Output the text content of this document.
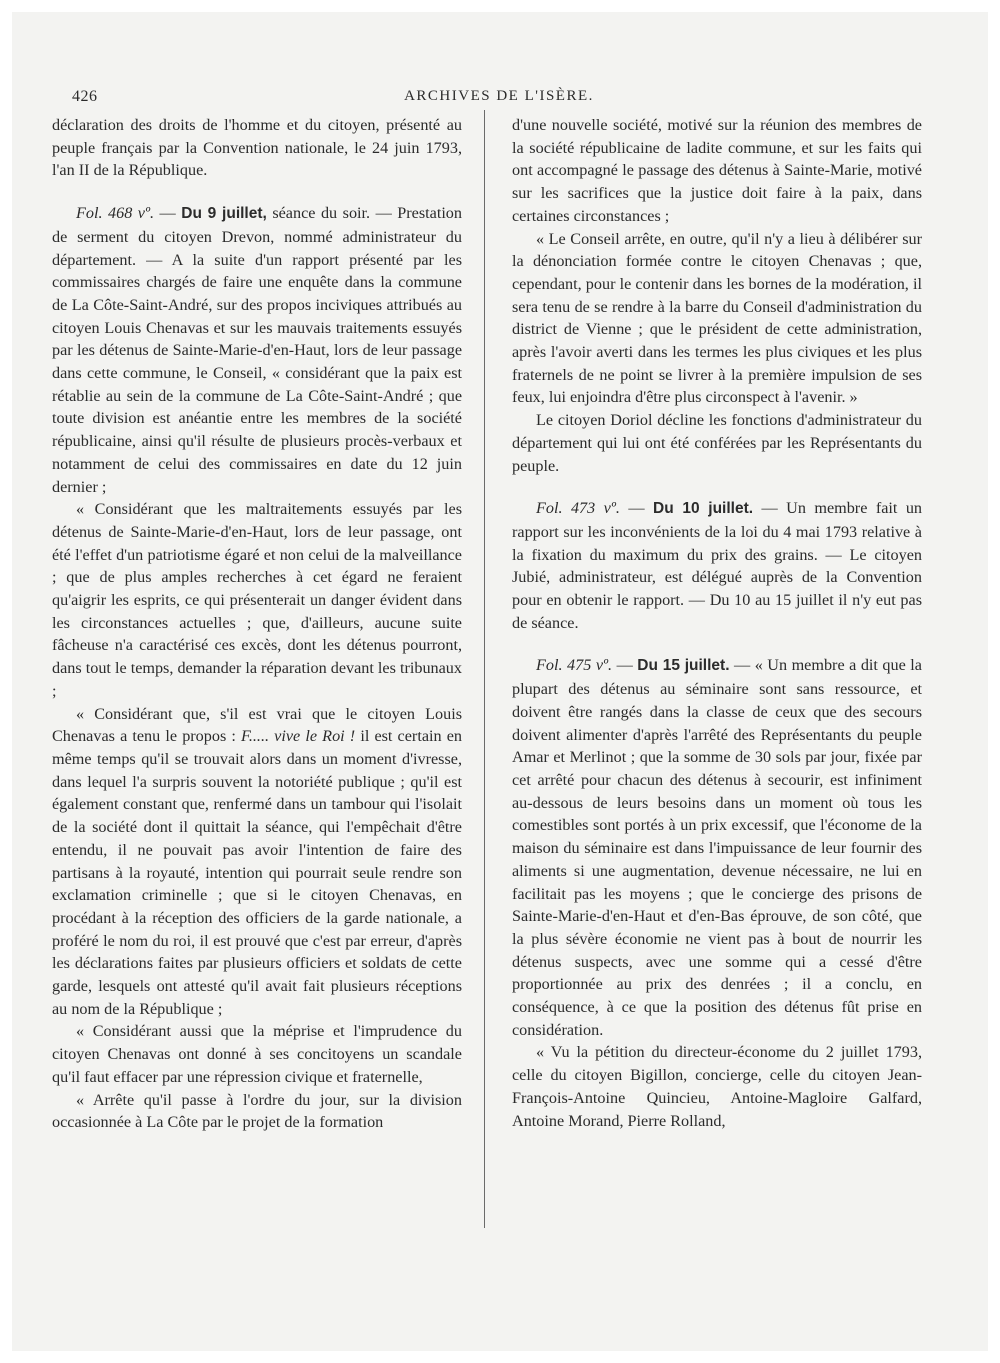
426	ARCHIVES DE L'ISÈRE.

déclaration des droits de l'homme et du citoyen, présenté au peuple français par la Convention nationale, le 24 juin 1793, l'an II de la République.

Fol. 468 vº. — Du 9 juillet, séance du soir. — Prestation de serment du citoyen Drevon, nommé administrateur du département. — A la suite d'un rapport présenté par les commissaires chargés de faire une enquête dans la commune de La Côte-Saint-André, sur des propos inciviques attribués au citoyen Louis Chenavas et sur les mauvais traitements essuyés par les détenus de Sainte-Marie-d'en-Haut, lors de leur passage dans cette commune, le Conseil, « considérant que la paix est rétablie au sein de la commune de La Côte-Saint-André ; que toute division est anéantie entre les membres de la société républicaine, ainsi qu'il résulte de plusieurs procès-verbaux et notamment de celui des commissaires en date du 12 juin dernier ;

« Considérant que les maltraitements essuyés par les détenus de Sainte-Marie-d'en-Haut, lors de leur passage, ont été l'effet d'un patriotisme égaré et non celui de la malveillance ; que de plus amples recherches à cet égard ne feraient qu'aigrir les esprits, ce qui présenterait un danger évident dans les circonstances actuelles ; que, d'ailleurs, aucune suite fâcheuse n'a caractérisé ces excès, dont les détenus pourront, dans tout le temps, demander la réparation devant les tribunaux ;

« Considérant que, s'il est vrai que le citoyen Louis Chenavas a tenu le propos : F..... vive le Roi ! il est certain en même temps qu'il se trouvait alors dans un moment d'ivresse, dans lequel l'a surpris souvent la notoriété publique ; qu'il est également constant que, renfermé dans un tambour qui l'isolait de la société dont il quittait la séance, qui l'empêchait d'être entendu, il ne pouvait pas avoir l'intention de faire des partisans à la royauté, intention qui pourrait seule rendre son exclamation criminelle ; que si le citoyen Chenavas, en procédant à la réception des officiers de la garde nationale, a proféré le nom du roi, il est prouvé que c'est par erreur, d'après les déclarations faites par plusieurs officiers et soldats de cette garde, lesquels ont attesté qu'il avait fait plusieurs réceptions au nom de la République ;

« Considérant aussi que la méprise et l'imprudence du citoyen Chenavas ont donné à ses concitoyens un scandale qu'il faut effacer par une répression civique et fraternelle,

« Arrête qu'il passe à l'ordre du jour, sur la division occasionnée à La Côte par le projet de la formation

d'une nouvelle société, motivé sur la réunion des membres de la société républicaine de ladite commune, et sur les faits qui ont accompagné le passage des détenus à Sainte-Marie, motivé sur les sacrifices que la justice doit faire à la paix, dans certaines circonstances ;

« Le Conseil arrête, en outre, qu'il n'y a lieu à délibérer sur la dénonciation formée contre le citoyen Chenavas ; que, cependant, pour le contenir dans les bornes de la modération, il sera tenu de se rendre à la barre du Conseil d'administration du district de Vienne ; que le président de cette administration, après l'avoir averti dans les termes les plus civiques et les plus fraternels de ne point se livrer à la première impulsion de ses feux, lui enjoindra d'être plus circonspect à l'avenir. »

Le citoyen Doriol décline les fonctions d'administrateur du département qui lui ont été conférées par les Représentants du peuple.

Fol. 473 vº. — Du 10 juillet. — Un membre fait un rapport sur les inconvénients de la loi du 4 mai 1793 relative à la fixation du maximum du prix des grains. — Le citoyen Jubié, administrateur, est délégué auprès de la Convention pour en obtenir le rapport. — Du 10 au 15 juillet il n'y eut pas de séance.

Fol. 475 vº. — Du 15 juillet. — « Un membre a dit que la plupart des détenus au séminaire sont sans ressource, et doivent être rangés dans la classe de ceux que des secours doivent alimenter d'après l'arrêté des Représentants du peuple Amar et Merlinot ; que la somme de 30 sols par jour, fixée par cet arrêté pour chacun des détenus à secourir, est infiniment au-dessous de leurs besoins dans un moment où tous les comestibles sont portés à un prix excessif, que l'économe de la maison du séminaire est dans l'impuissance de leur fournir des aliments si une augmentation, devenue nécessaire, ne lui en facilitait pas les moyens ; que le concierge des prisons de Sainte-Marie-d'en-Haut et d'en-Bas éprouve, de son côté, que la plus sévère économie ne vient pas à bout de nourrir les détenus suspects, avec une somme qui a cessé d'être proportionnée au prix des denrées ; il a conclu, en conséquence, à ce que la position des détenus fût prise en considération.

« Vu la pétition du directeur-économe du 2 juillet 1793, celle du citoyen Bigillon, concierge, celle du citoyen Jean-François-Antoine Quincieu, Antoine-Magloire Galfard, Antoine Morand, Pierre Rolland,
